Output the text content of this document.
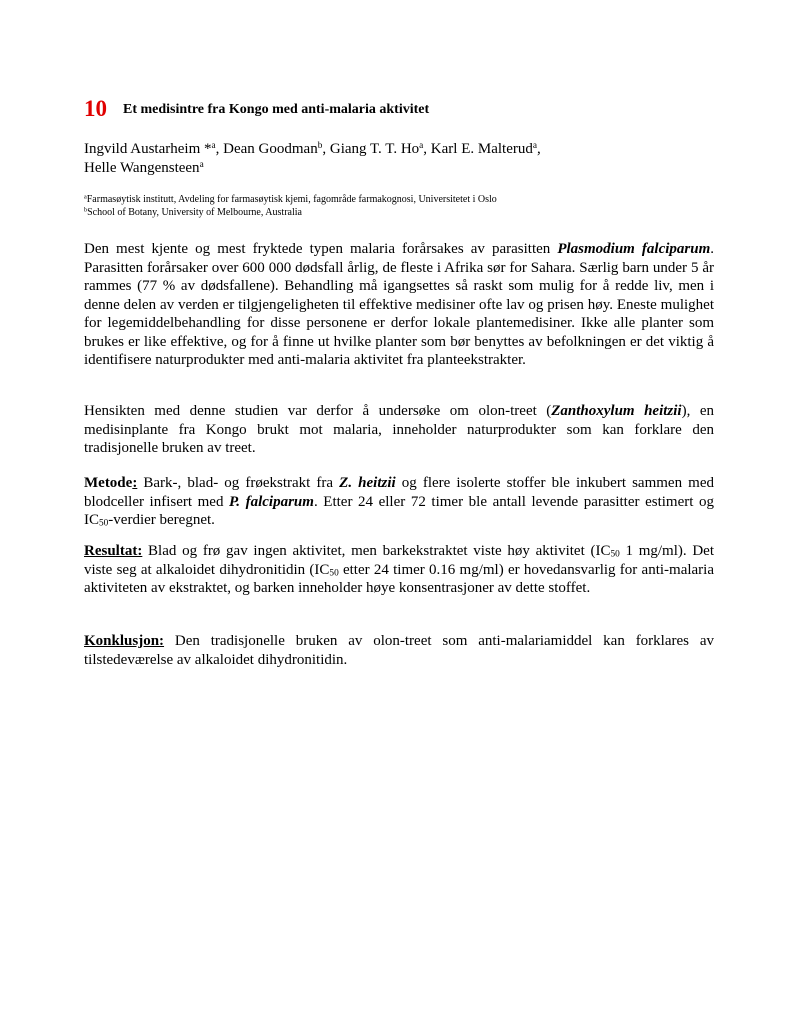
10 Et medisintre fra Kongo med anti-malaria aktivitet
Ingvild Austarheim *$^a$, Dean Goodman$^b$, Giang T. T. Ho$^a$, Karl E. Malterud$^a$,
Helle Wangensteen$^a$
$^a$Farmasøytisk institutt, Avdeling for farmasøytisk kjemi, fagområde farmakognosi, Universitetet i Oslo
$^b$School of Botany, University of Melbourne, Australia
Den mest kjente og mest fryktede typen malaria forårsakes av parasitten Plasmodium falciparum. Parasitten forårsaker over 600 000 dødsfall årlig, de fleste i Afrika sør for Sahara. Særlig barn under 5 år rammes (77 % av dødsfallene). Behandling må igangsettes så raskt som mulig for å redde liv, men i denne delen av verden er tilgjengeligheten til effektive medisiner ofte lav og prisen høy. Eneste mulighet for legemiddelbehandling for disse personene er derfor lokale plantemedisiner. Ikke alle planter som brukes er like effektive, og for å finne ut hvilke planter som bør benyttes av befolkningen er det viktig å identifisere naturprodukter med anti-malaria aktivitet fra planteekstrakter.
Hensikten med denne studien var derfor å undersøke om olon-treet (Zanthoxylum heitzii), en medisinplante fra Kongo brukt mot malaria, inneholder naturprodukter som kan forklare den tradisjonelle bruken av treet.
Metode: Bark-, blad- og frøekstrakt fra Z. heitzii og flere isolerte stoffer ble inkubert sammen med blodceller infisert med P. falciparum. Etter 24 eller 72 timer ble antall levende parasitter estimert og $IC_{50}$-verdier beregnet.
Resultat: Blad og frø gav ingen aktivitet, men barkekstraktet viste høy aktivitet ($IC_{50}$ 1 mg/ml). Det viste seg at alkaloidet dihydronitidin ($IC_{50}$ etter 24 timer 0.16 mg/ml) er hovedansvarlig for anti-malaria aktiviteten av ekstraktet, og barken inneholder høye konsentrasjoner av dette stoffet.
Konklusjon: Den tradisjonelle bruken av olon-treet som anti-malariamiddel kan forklares av tilstedeværelse av alkaloidet dihydronitidin.
